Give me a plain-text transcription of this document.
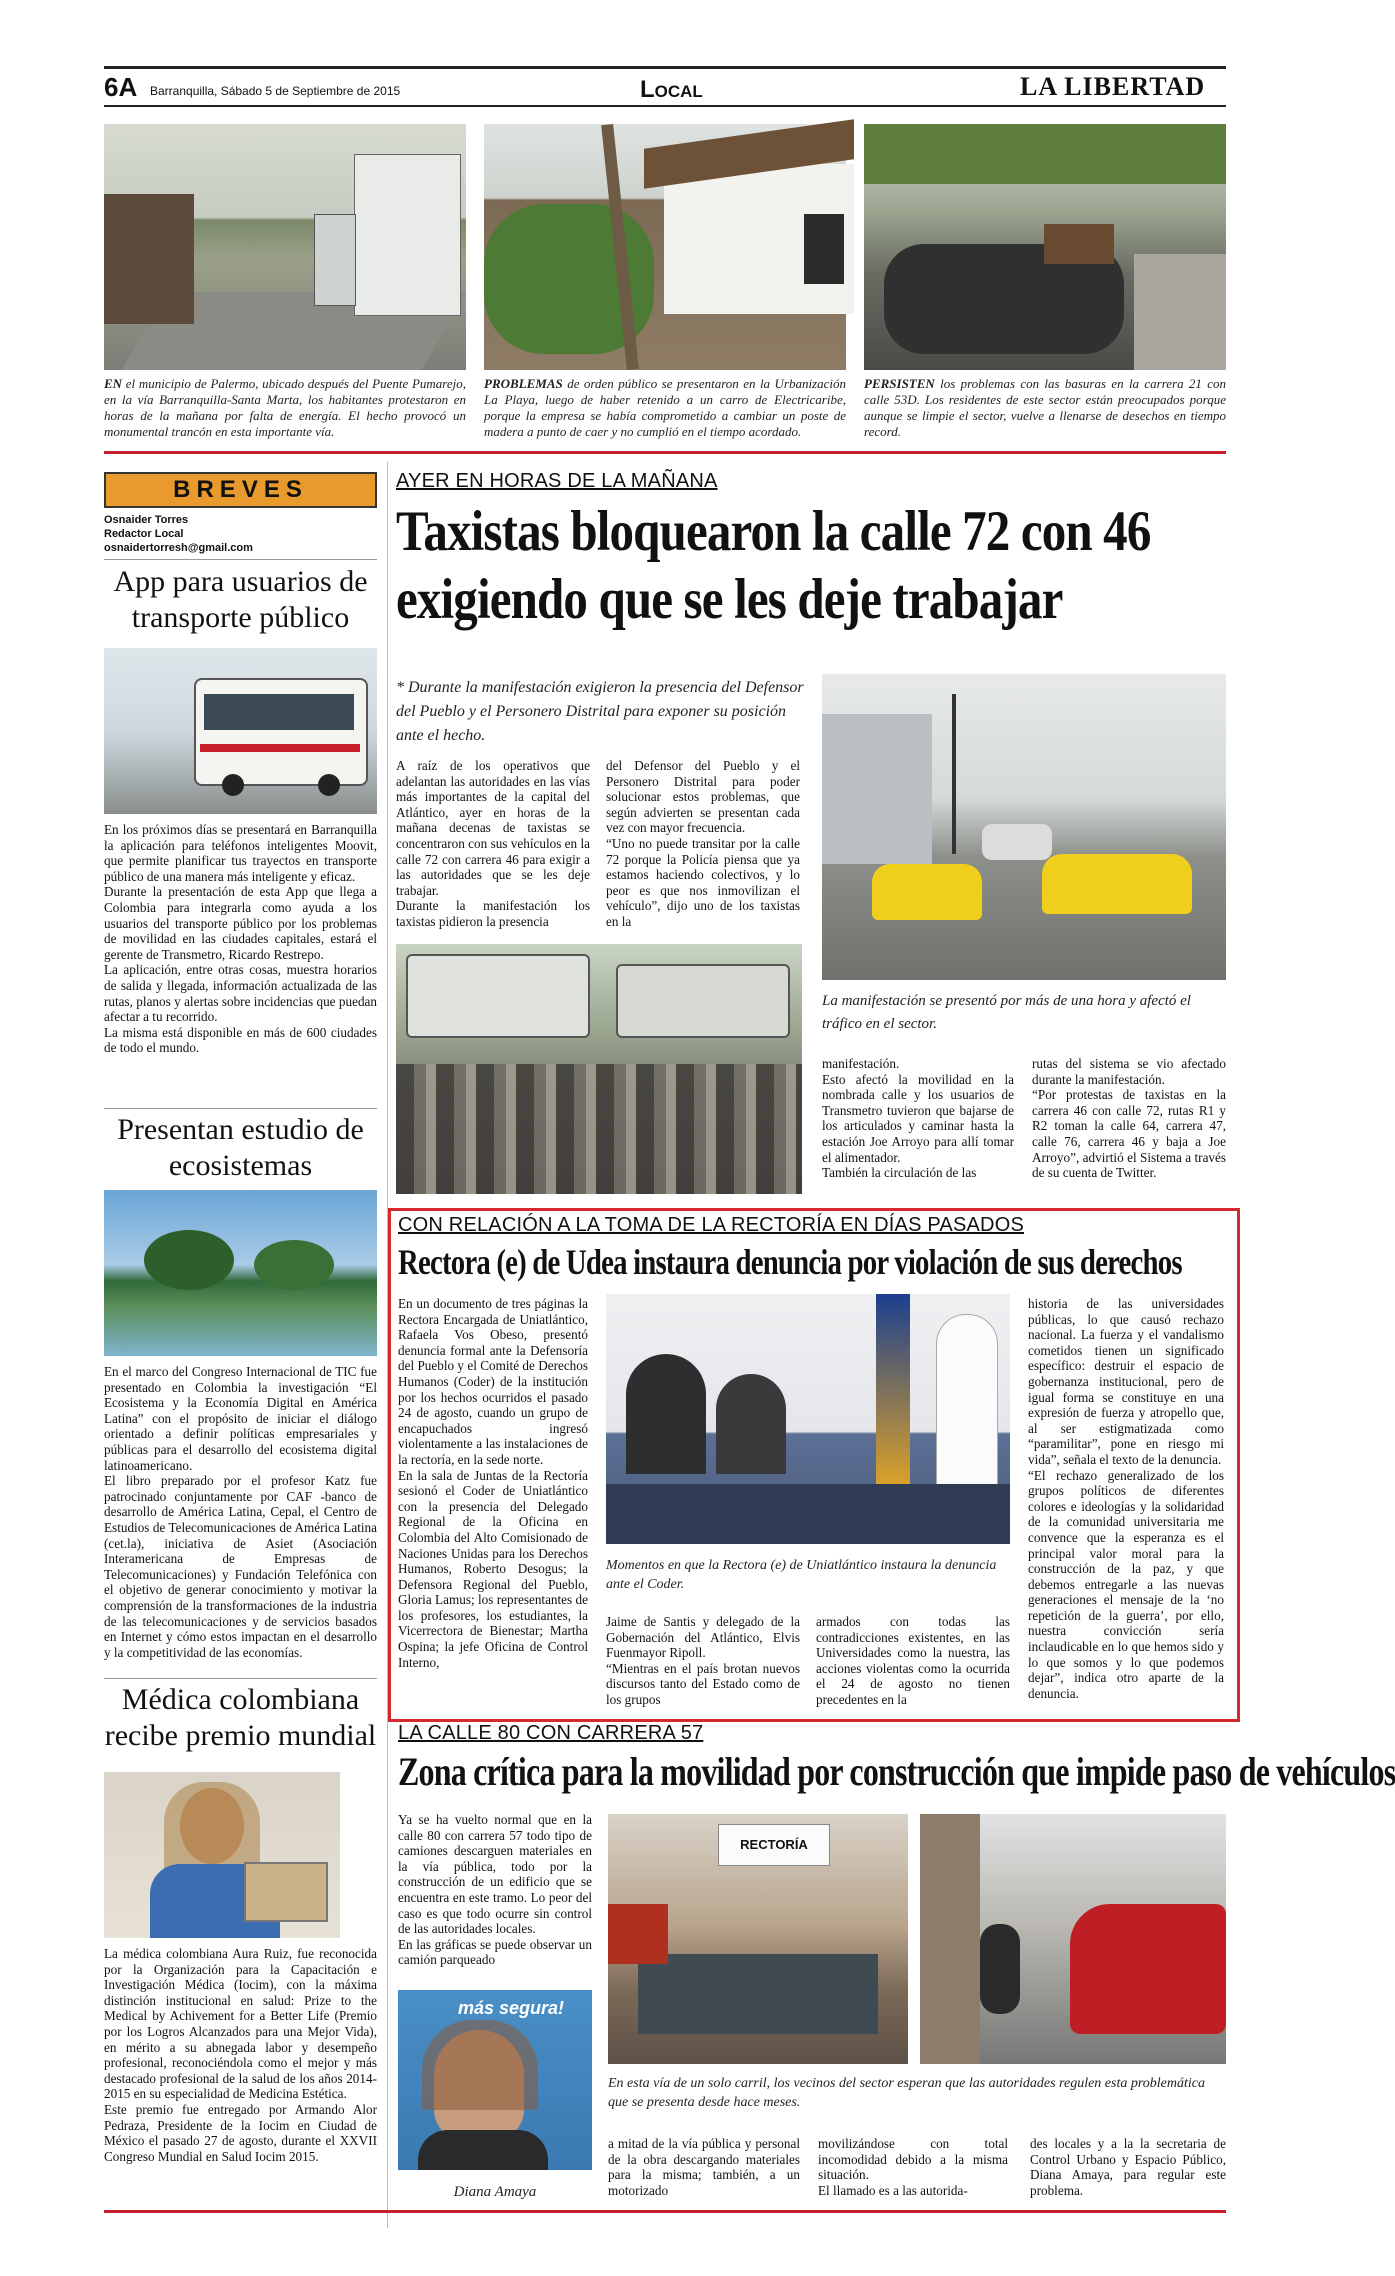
6A Barranquilla, Sábado 5 de Septiembre de 2015	Local	LA LIBERTAD
EN el municipio de Palermo, ubicado después del Puente Pumarejo, en la vía Barranquilla-Santa Marta, los habitantes protestaron en horas de la mañana por falta de energía. El hecho provocó un monumental trancón en esta importante vía.
PROBLEMAS de orden público se presentaron en la Urbanización La Playa, luego de haber retenido a un carro de Electricaribe, porque la empresa se había comprometido a cambiar un poste de madera a punto de caer y no cumplió en el tiempo acordado.
PERSISTEN los problemas con las basuras en la carrera 21 con calle 53D. Los residentes de este sector están preocupados porque aunque se limpie el sector, vuelve a llenarse de desechos en tiempo record.
BREVES
Osnaider Torres
Redactor Local
osnaidertorresh@gmail.com
App para usuarios de transporte público
En los próximos días se presentará en Barranquilla la aplicación para teléfonos inteligentes Moovit, que permite planificar tus trayectos en transporte público de una manera más inteligente y eficaz.
Durante la presentación de esta App que llega a Colombia para integrarla como ayuda a los usuarios del transporte público por los problemas de movilidad en las ciudades capitales, estará el gerente de Transmetro, Ricardo Restrepo.
La aplicación, entre otras cosas, muestra horarios de salida y llegada, información actualizada de las rutas, planos y alertas sobre incidencias que puedan afectar a tu recorrido.
La misma está disponible en más de 600 ciudades de todo el mundo.
Presentan estudio de ecosistemas
En el marco del Congreso Internacional de TIC fue presentado en Colombia la investigación “El Ecosistema y la Economía Digital en América Latina” con el propósito de iniciar el diálogo orientado a definir políticas empresariales y públicas para el desarrollo del ecosistema digital latinoamericano.
El libro preparado por el profesor Katz fue patrocinado conjuntamente por CAF -banco de desarrollo de América Latina, Cepal, el Centro de Estudios de Telecomunicaciones de América Latina (cet.la), iniciativa de Asiet (Asociación Interamericana de Empresas de Telecomunicaciones) y Fundación Telefónica con el objetivo de generar conocimiento y motivar la comprensión de la transformaciones de la industria de las telecomunicaciones y de servicios basados en Internet y cómo estos impactan en el desarrollo y la competitividad de las economías.
Médica colombiana recibe premio mundial
La médica colombiana Aura Ruiz, fue reconocida por la Organización para la Capacitación e Investigación Médica (Iocim), con la máxima distinción institucional en salud: Prize to the Medical by Achivement for a Better Life (Premio por los Logros Alcanzados para una Mejor Vida), en mérito a su abnegada labor y desempeño profesional, reconociéndola como el mejor y más destacado profesional de la salud de los años 2014-2015 en su especialidad de Medicina Estética.
Este premio fue entregado por Armando Alor Pedraza, Presidente de la Iocim en Ciudad de México el pasado 27 de agosto, durante el XXVII Congreso Mundial en Salud Iocim 2015.
AYER EN HORAS DE LA MAÑANA
Taxistas bloquearon la calle 72 con 46
exigiendo que se les deje trabajar
* Durante la manifestación exigieron la presencia del Defensor del Pueblo y el Personero Distrital para exponer su posición ante el hecho.
A raíz de los operativos que adelantan las autoridades en las vías más importantes de la capital del Atlántico, ayer en horas de la mañana decenas de taxistas se concentraron con sus vehículos en la calle 72 con carrera 46 para exigir a las autoridades que se les deje trabajar.
Durante la manifestación los taxistas pidieron la presencia
del Defensor del Pueblo y el Personero Distrital para poder solucionar estos problemas, que según advierten se presentan cada vez con mayor frecuencia.
“Uno no puede transitar por la calle 72 porque la Policía piensa que ya estamos haciendo colectivos, y lo peor es que nos inmovilizan el vehículo”, dijo uno de los taxistas en la
La manifestación se presentó por más de una hora y afectó el tráfico en el sector.
manifestación.
Esto afectó la movilidad en la nombrada calle y los usuarios de Transmetro tuvieron que bajarse de los articulados y caminar hasta la estación Joe Arroyo para allí tomar el alimentador.
También la circulación de las
rutas del sistema se vio afectado durante la manifestación.
“Por protestas de taxistas en la carrera 46 con calle 72, rutas R1 y R2 toman la calle 64, carrera 47, calle 76, carrera 46 y baja a Joe Arroyo”, advirtió el Sistema a través de su cuenta de Twitter.
CON RELACIÓN A LA TOMA DE LA RECTORÍA EN DÍAS PASADOS
Rectora (e) de Udea instaura denuncia por violación de sus derechos
En un documento de tres páginas la Rectora Encargada de Uniatlántico, Rafaela Vos Obeso, presentó denuncia formal ante la Defensoría del Pueblo y el Comité de Derechos Humanos (Coder) de la institución por los hechos ocurridos el pasado 24 de agosto, cuando un grupo de encapuchados ingresó violentamente a las instalaciones de la rectoría, en la sede norte.
En la sala de Juntas de la Rectoría sesionó el Coder de Uniatlántico con la presencia del Delegado Regional de la Oficina en Colombia del Alto Comisionado de Naciones Unidas para los Derechos Humanos, Roberto Desogus; la Defensora Regional del Pueblo, Gloria Lamus; los representantes de los profesores, los estudiantes, la Vicerrectora de Bienestar; Martha Ospina; la jefe Oficina de Control Interno,
Momentos en que la Rectora (e) de Uniatlántico instaura la denuncia ante el Coder.
Jaime de Santis y delegado de la Gobernación del Atlántico, Elvis Fuenmayor Ripoll.
“Mientras en el país brotan nuevos discursos tanto del Estado como de los grupos
armados con todas las contradicciones existentes, en las Universidades como la nuestra, las acciones violentas como la ocurrida el 24 de agosto no tienen precedentes en la
historia de las universidades públicas, lo que causó rechazo nacional. La fuerza y el vandalismo cometidos tienen un significado específico: destruir el espacio de gobernanza institucional, pero de igual forma se constituye en una expresión de fuerza y atropello que, al ser estigmatizada como “paramilitar”, pone en riesgo mi vida”, señala el texto de la denuncia.
“El rechazo generalizado de los grupos políticos de diferentes colores e ideologías y la solidaridad de la comunidad universitaria me convence que la esperanza es el principal valor moral para la construcción de la paz, y que debemos entregarle a las nuevas generaciones el mensaje de la ‘no repetición de la guerra’, por ello, nuestra convicción sería inclaudicable en lo que hemos sido y lo que somos y lo que podemos dejar”, indica otro aparte de la denuncia.
LA CALLE 80 CON CARRERA 57
Zona crítica para la movilidad por construcción que impide paso de vehículos
Ya se ha vuelto normal que en la calle 80 con carrera 57 todo tipo de camiones descarguen materiales en la vía pública, todo por la construcción de un edificio que se encuentra en este tramo. Lo peor del caso es que todo ocurre sin control de las autoridades locales.
En las gráficas se puede observar un camión parqueado
más segura!
Diana Amaya
RECTORÍA
En esta vía de un solo carril, los vecinos del sector esperan que las autoridades regulen esta problemática que se presenta desde hace meses.
a mitad de la vía pública y personal de la obra descargando materiales para la misma; también, a un motorizado
movilizándose con total incomodidad debido a la misma situación.
El llamado es a las autorida-
des locales y a la la secretaria de Control Urbano y Espacio Público, Diana Amaya, para regular este problema.
